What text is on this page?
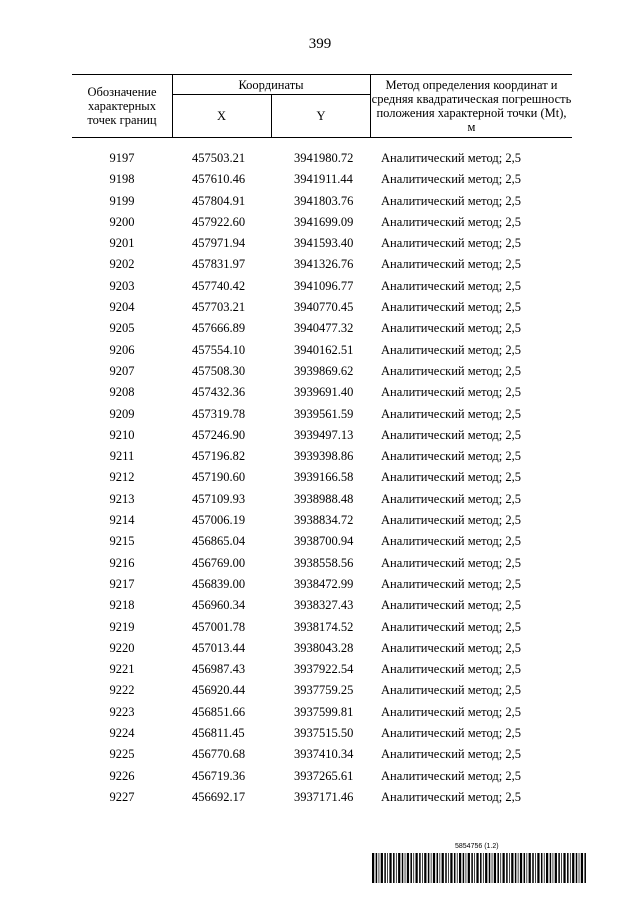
399
Обозначение характерных точек границ
Координаты
X	Y
Метод определения координат и средняя квадратическая погрешность положения характерной точки (Mt), м
9197	457503.21	3941980.72 Аналитический метод; 2,5
9198	457610.46	3941911.44 Аналитический метод; 2,5
9199	457804.91	3941803.76 Аналитический метод; 2,5
9200	457922.60	3941699.09 Аналитический метод; 2,5
9201	457971.94	3941593.40 Аналитический метод; 2,5
9202	457831.97	3941326.76 Аналитический метод; 2,5
9203	457740.42	3941096.77 Аналитический метод; 2,5
9204	457703.21	3940770.45 Аналитический метод; 2,5
9205	457666.89	3940477.32 Аналитический метод; 2,5
9206	457554.10	3940162.51 Аналитический метод; 2,5
9207	457508.30	3939869.62 Аналитический метод; 2,5
9208	457432.36	3939691.40 Аналитический метод; 2,5
9209	457319.78	3939561.59 Аналитический метод; 2,5
9210	457246.90	3939497.13 Аналитический метод; 2,5
9211	457196.82	3939398.86 Аналитический метод; 2,5
9212	457190.60	3939166.58 Аналитический метод; 2,5
9213	457109.93	3938988.48 Аналитический метод; 2,5
9214	457006.19	3938834.72 Аналитический метод; 2,5
9215	456865.04	3938700.94 Аналитический метод; 2,5
9216	456769.00	3938558.56 Аналитический метод; 2,5
9217	456839.00	3938472.99 Аналитический метод; 2,5
9218	456960.34	3938327.43 Аналитический метод; 2,5
9219	457001.78	3938174.52 Аналитический метод; 2,5
9220	457013.44	3938043.28 Аналитический метод; 2,5
9221	456987.43	3937922.54 Аналитический метод; 2,5
9222	456920.44	3937759.25 Аналитический метод; 2,5
9223	456851.66	3937599.81 Аналитический метод; 2,5
9224	456811.45	3937515.50 Аналитический метод; 2,5
9225	456770.68	3937410.34 Аналитический метод; 2,5
9226	456719.36	3937265.61 Аналитический метод; 2,5
9227	456692.17	3937171.46 Аналитический метод; 2,5
5854756 (1.2)
